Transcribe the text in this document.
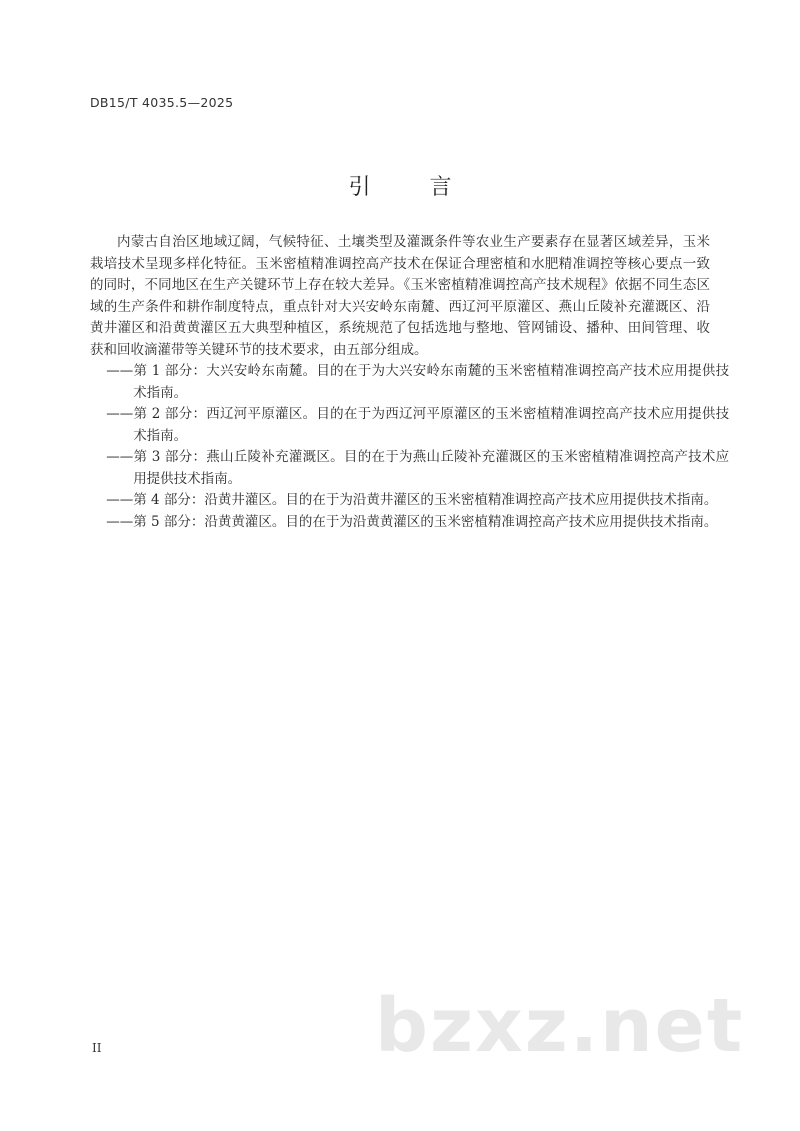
DB15/T 4035.5—2025
引 言

内蒙古自治区地域辽阔，气候特征、土壤类型及灌溉条件等农业生产要素存在显著区域差异，玉米栽培技术呈现多样化特征。玉米密植精准调控高产技术在保证合理密植和水肥精准调控等核心要点一致的同时，不同地区在生产关键环节上存在较大差异。《玉米密植精准调控高产技术规程》依据不同生态区域的生产条件和耕作制度特点，重点针对大兴安岭东南麓、西辽河平原灌区、燕山丘陵补充灌溉区、沿黄井灌区和沿黄黄灌区五大典型种植区，系统规范了包括选地与整地、管网铺设、播种、田间管理、收获和回收滴灌带等关键环节的技术要求，由五部分组成。

——第 1 部分：大兴安岭东南麓。目的在于为大兴安岭东南麓的玉米密植精准调控高产技术应用提供技术指南。
——第 2 部分：西辽河平原灌区。目的在于为西辽河平原灌区的玉米密植精准调控高产技术应用提供技术指南。
——第 3 部分：燕山丘陵补充灌溉区。目的在于为燕山丘陵补充灌溉区的玉米密植精准调控高产技术应用提供技术指南。
——第 4 部分：沿黄井灌区。目的在于为沿黄井灌区的玉米密植精准调控高产技术应用提供技术指南。
——第 5 部分：沿黄黄灌区。目的在于为沿黄黄灌区的玉米密植精准调控高产技术应用提供技术指南。
bzxz.net
II
